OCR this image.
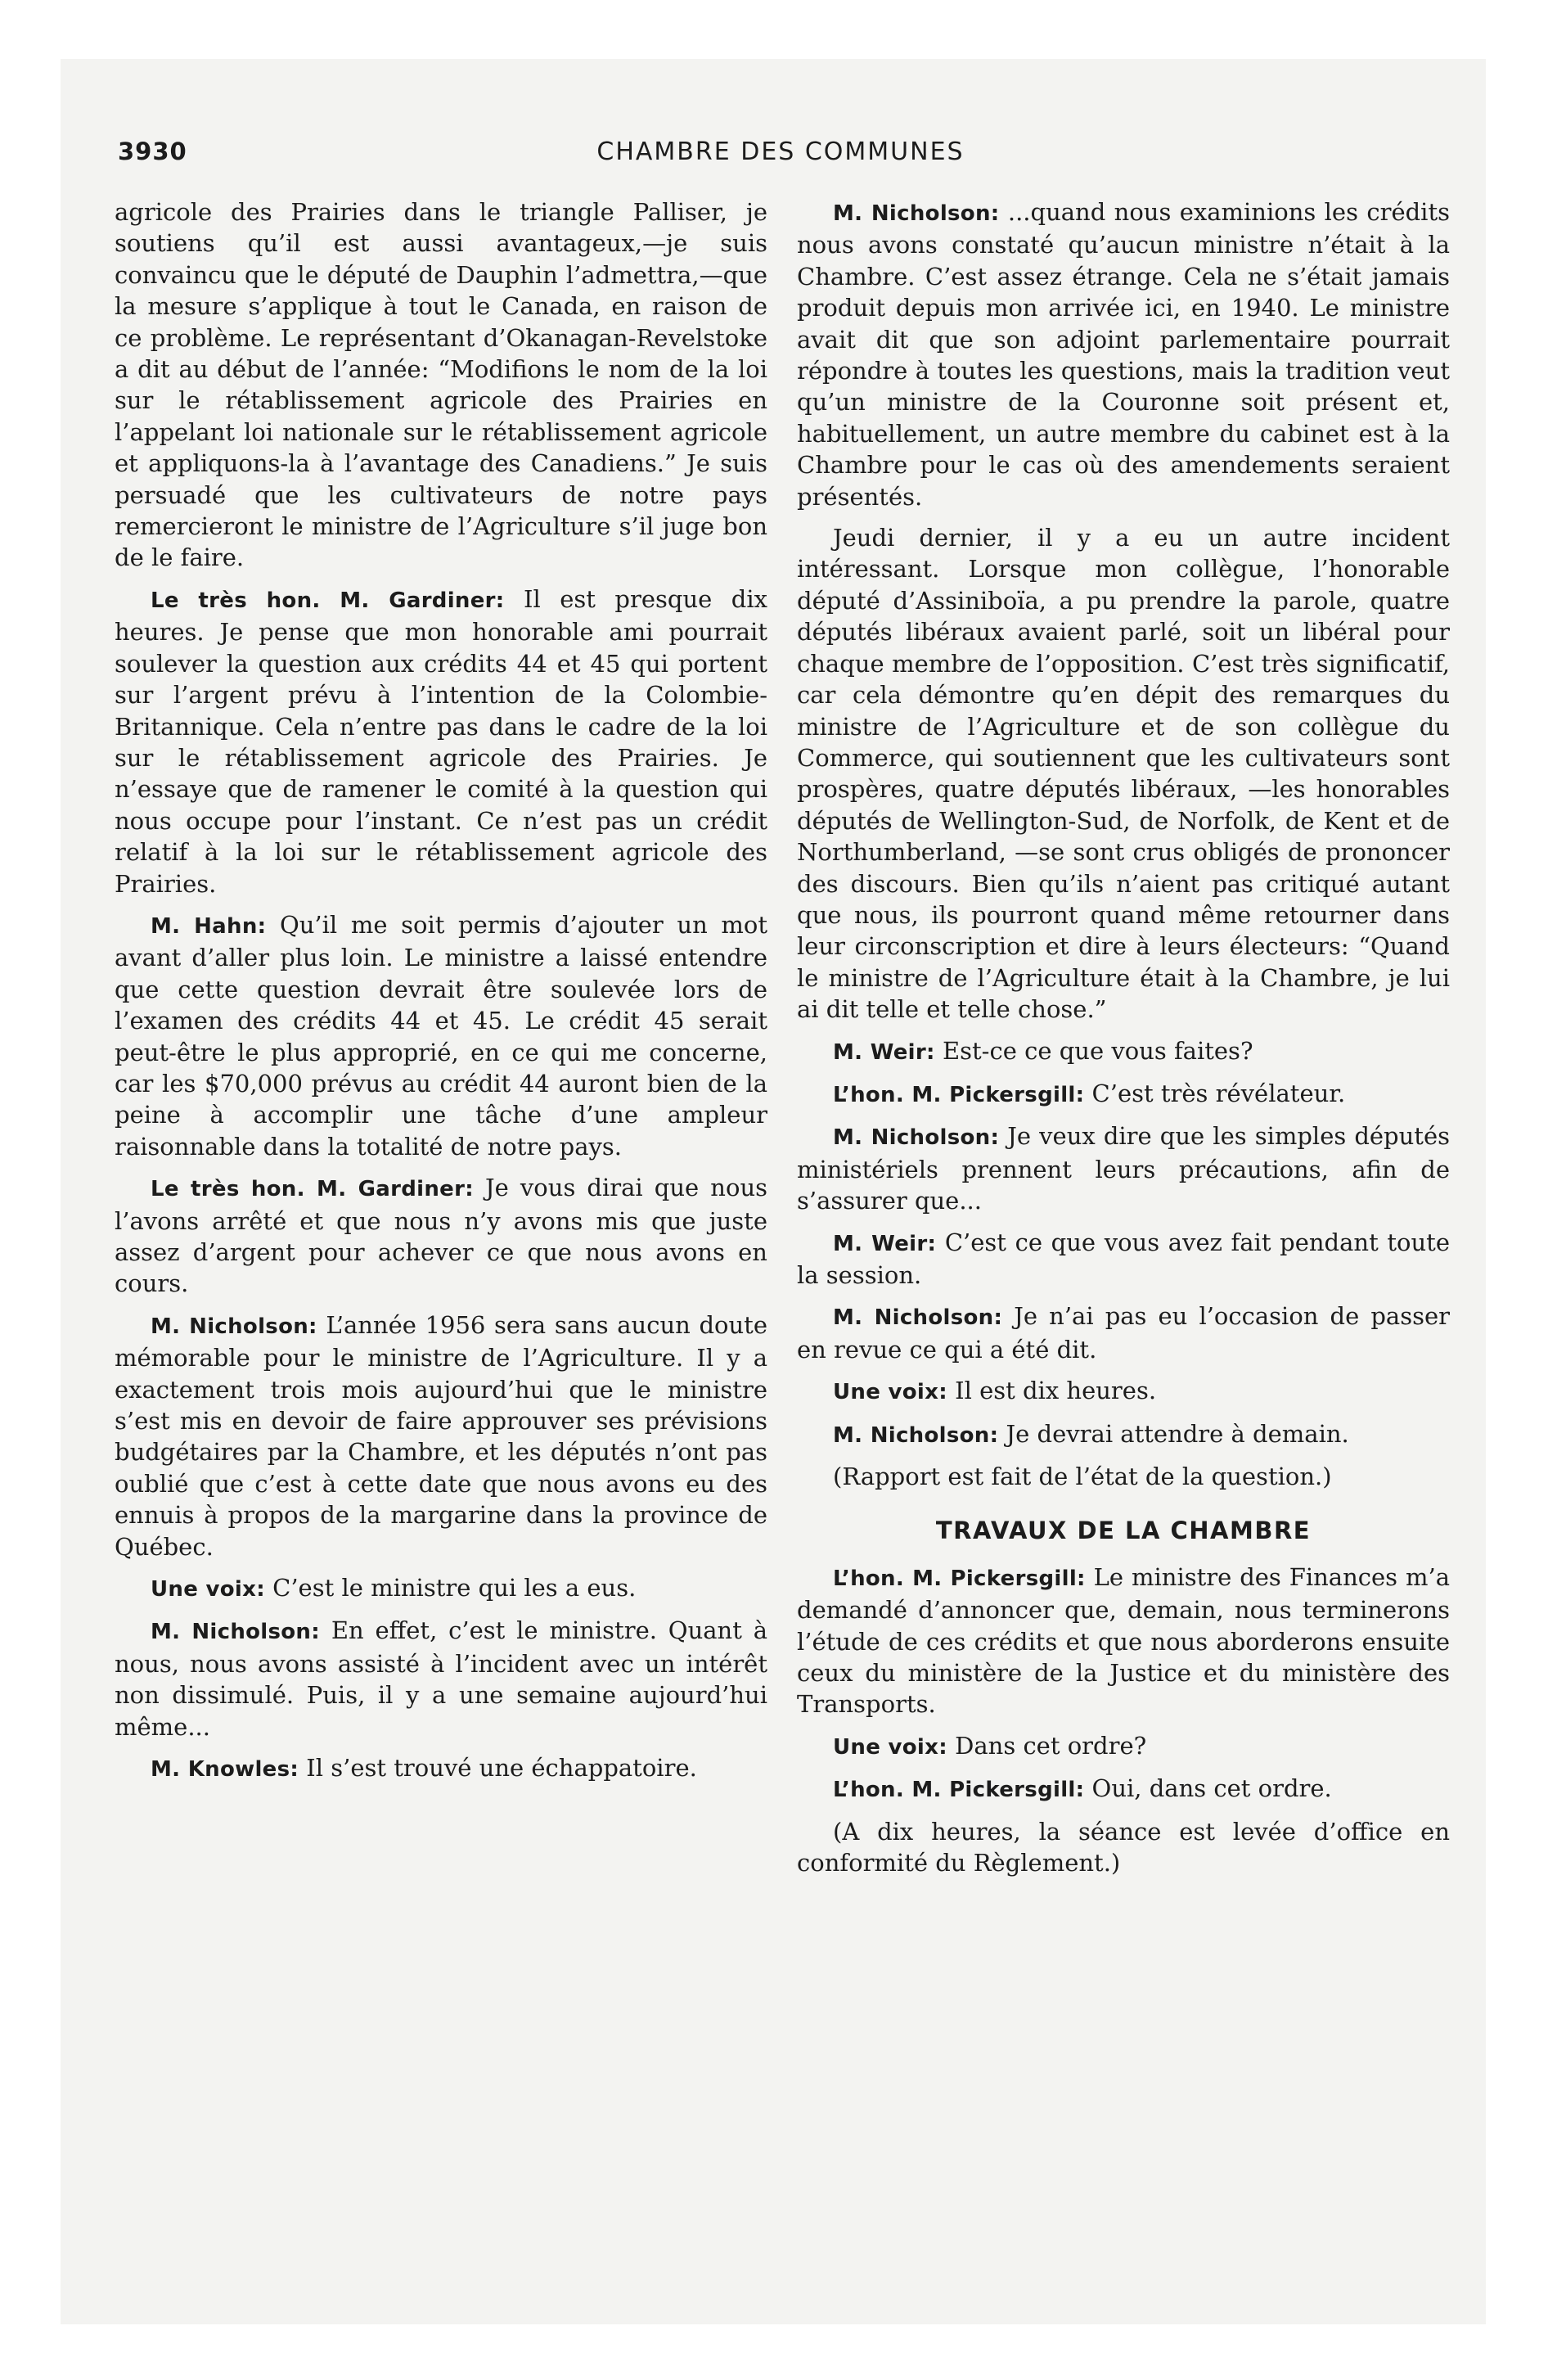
3930	CHAMBRE DES COMMUNES

agricole des Prairies dans le triangle Palliser, je soutiens qu’il est aussi avantageux,—je suis convaincu que le député de Dauphin l’admettra,—que la mesure s’applique à tout le Canada, en raison de ce problème. Le représentant d’Okanagan-Revelstoke a dit au début de l’année: “Modifions le nom de la loi sur le rétablissement agricole des Prairies en l’appelant loi nationale sur le rétablissement agricole et appliquons-la à l’avantage des Canadiens.” Je suis persuadé que les cultivateurs de notre pays remercieront le ministre de l’Agriculture s’il juge bon de le faire.

Le très hon. M. Gardiner: Il est presque dix heures. Je pense que mon honorable ami pourrait soulever la question aux crédits 44 et 45 qui portent sur l’argent prévu à l’intention de la Colombie-Britannique. Cela n’entre pas dans le cadre de la loi sur le rétablissement agricole des Prairies. Je n’essaye que de ramener le comité à la question qui nous occupe pour l’instant. Ce n’est pas un crédit relatif à la loi sur le rétablissement agricole des Prairies.

M. Hahn: Qu’il me soit permis d’ajouter un mot avant d’aller plus loin. Le ministre a laissé entendre que cette question devrait être soulevée lors de l’examen des crédits 44 et 45. Le crédit 45 serait peut-être le plus approprié, en ce qui me concerne, car les $70,000 prévus au crédit 44 auront bien de la peine à accomplir une tâche d’une ampleur raisonnable dans la totalité de notre pays.

Le très hon. M. Gardiner: Je vous dirai que nous l’avons arrêté et que nous n’y avons mis que juste assez d’argent pour achever ce que nous avons en cours.

M. Nicholson: L’année 1956 sera sans aucun doute mémorable pour le ministre de l’Agriculture. Il y a exactement trois mois aujourd’hui que le ministre s’est mis en devoir de faire approuver ses prévisions budgétaires par la Chambre, et les députés n’ont pas oublié que c’est à cette date que nous avons eu des ennuis à propos de la margarine dans la province de Québec.

Une voix: C’est le ministre qui les a eus.

M. Nicholson: En effet, c’est le ministre. Quant à nous, nous avons assisté à l’incident avec un intérêt non dissimulé. Puis, il y a une semaine aujourd’hui même...

M. Knowles: Il s’est trouvé une échappatoire.

M. Nicholson: ...quand nous examinions les crédits nous avons constaté qu’aucun ministre n’était à la Chambre. C’est assez étrange. Cela ne s’était jamais produit depuis mon arrivée ici, en 1940. Le ministre avait dit que son adjoint parlementaire pourrait répondre à toutes les questions, mais la tradition veut qu’un ministre de la Couronne soit présent et, habituellement, un autre membre du cabinet est à la Chambre pour le cas où des amendements seraient présentés.

Jeudi dernier, il y a eu un autre incident intéressant. Lorsque mon collègue, l’honorable député d’Assiniboïa, a pu prendre la parole, quatre députés libéraux avaient parlé, soit un libéral pour chaque membre de l’opposition. C’est très significatif, car cela démontre qu’en dépit des remarques du ministre de l’Agriculture et de son collègue du Commerce, qui soutiennent que les cultivateurs sont prospères, quatre députés libéraux, —les honorables députés de Wellington-Sud, de Norfolk, de Kent et de Northumberland, —se sont crus obligés de prononcer des discours. Bien qu’ils n’aient pas critiqué autant que nous, ils pourront quand même retourner dans leur circonscription et dire à leurs électeurs: “Quand le ministre de l’Agriculture était à la Chambre, je lui ai dit telle et telle chose.”

M. Weir: Est-ce ce que vous faites?

L’hon. M. Pickersgill: C’est très révélateur.

M. Nicholson: Je veux dire que les simples députés ministériels prennent leurs précautions, afin de s’assurer que...

M. Weir: C’est ce que vous avez fait pendant toute la session.

M. Nicholson: Je n’ai pas eu l’occasion de passer en revue ce qui a été dit.

Une voix: Il est dix heures.

M. Nicholson: Je devrai attendre à demain.

(Rapport est fait de l’état de la question.)

TRAVAUX DE LA CHAMBRE

L’hon. M. Pickersgill: Le ministre des Finances m’a demandé d’annoncer que, demain, nous terminerons l’étude de ces crédits et que nous aborderons ensuite ceux du ministère de la Justice et du ministère des Transports.

Une voix: Dans cet ordre?

L’hon. M. Pickersgill: Oui, dans cet ordre.

(A dix heures, la séance est levée d’office en conformité du Règlement.)
